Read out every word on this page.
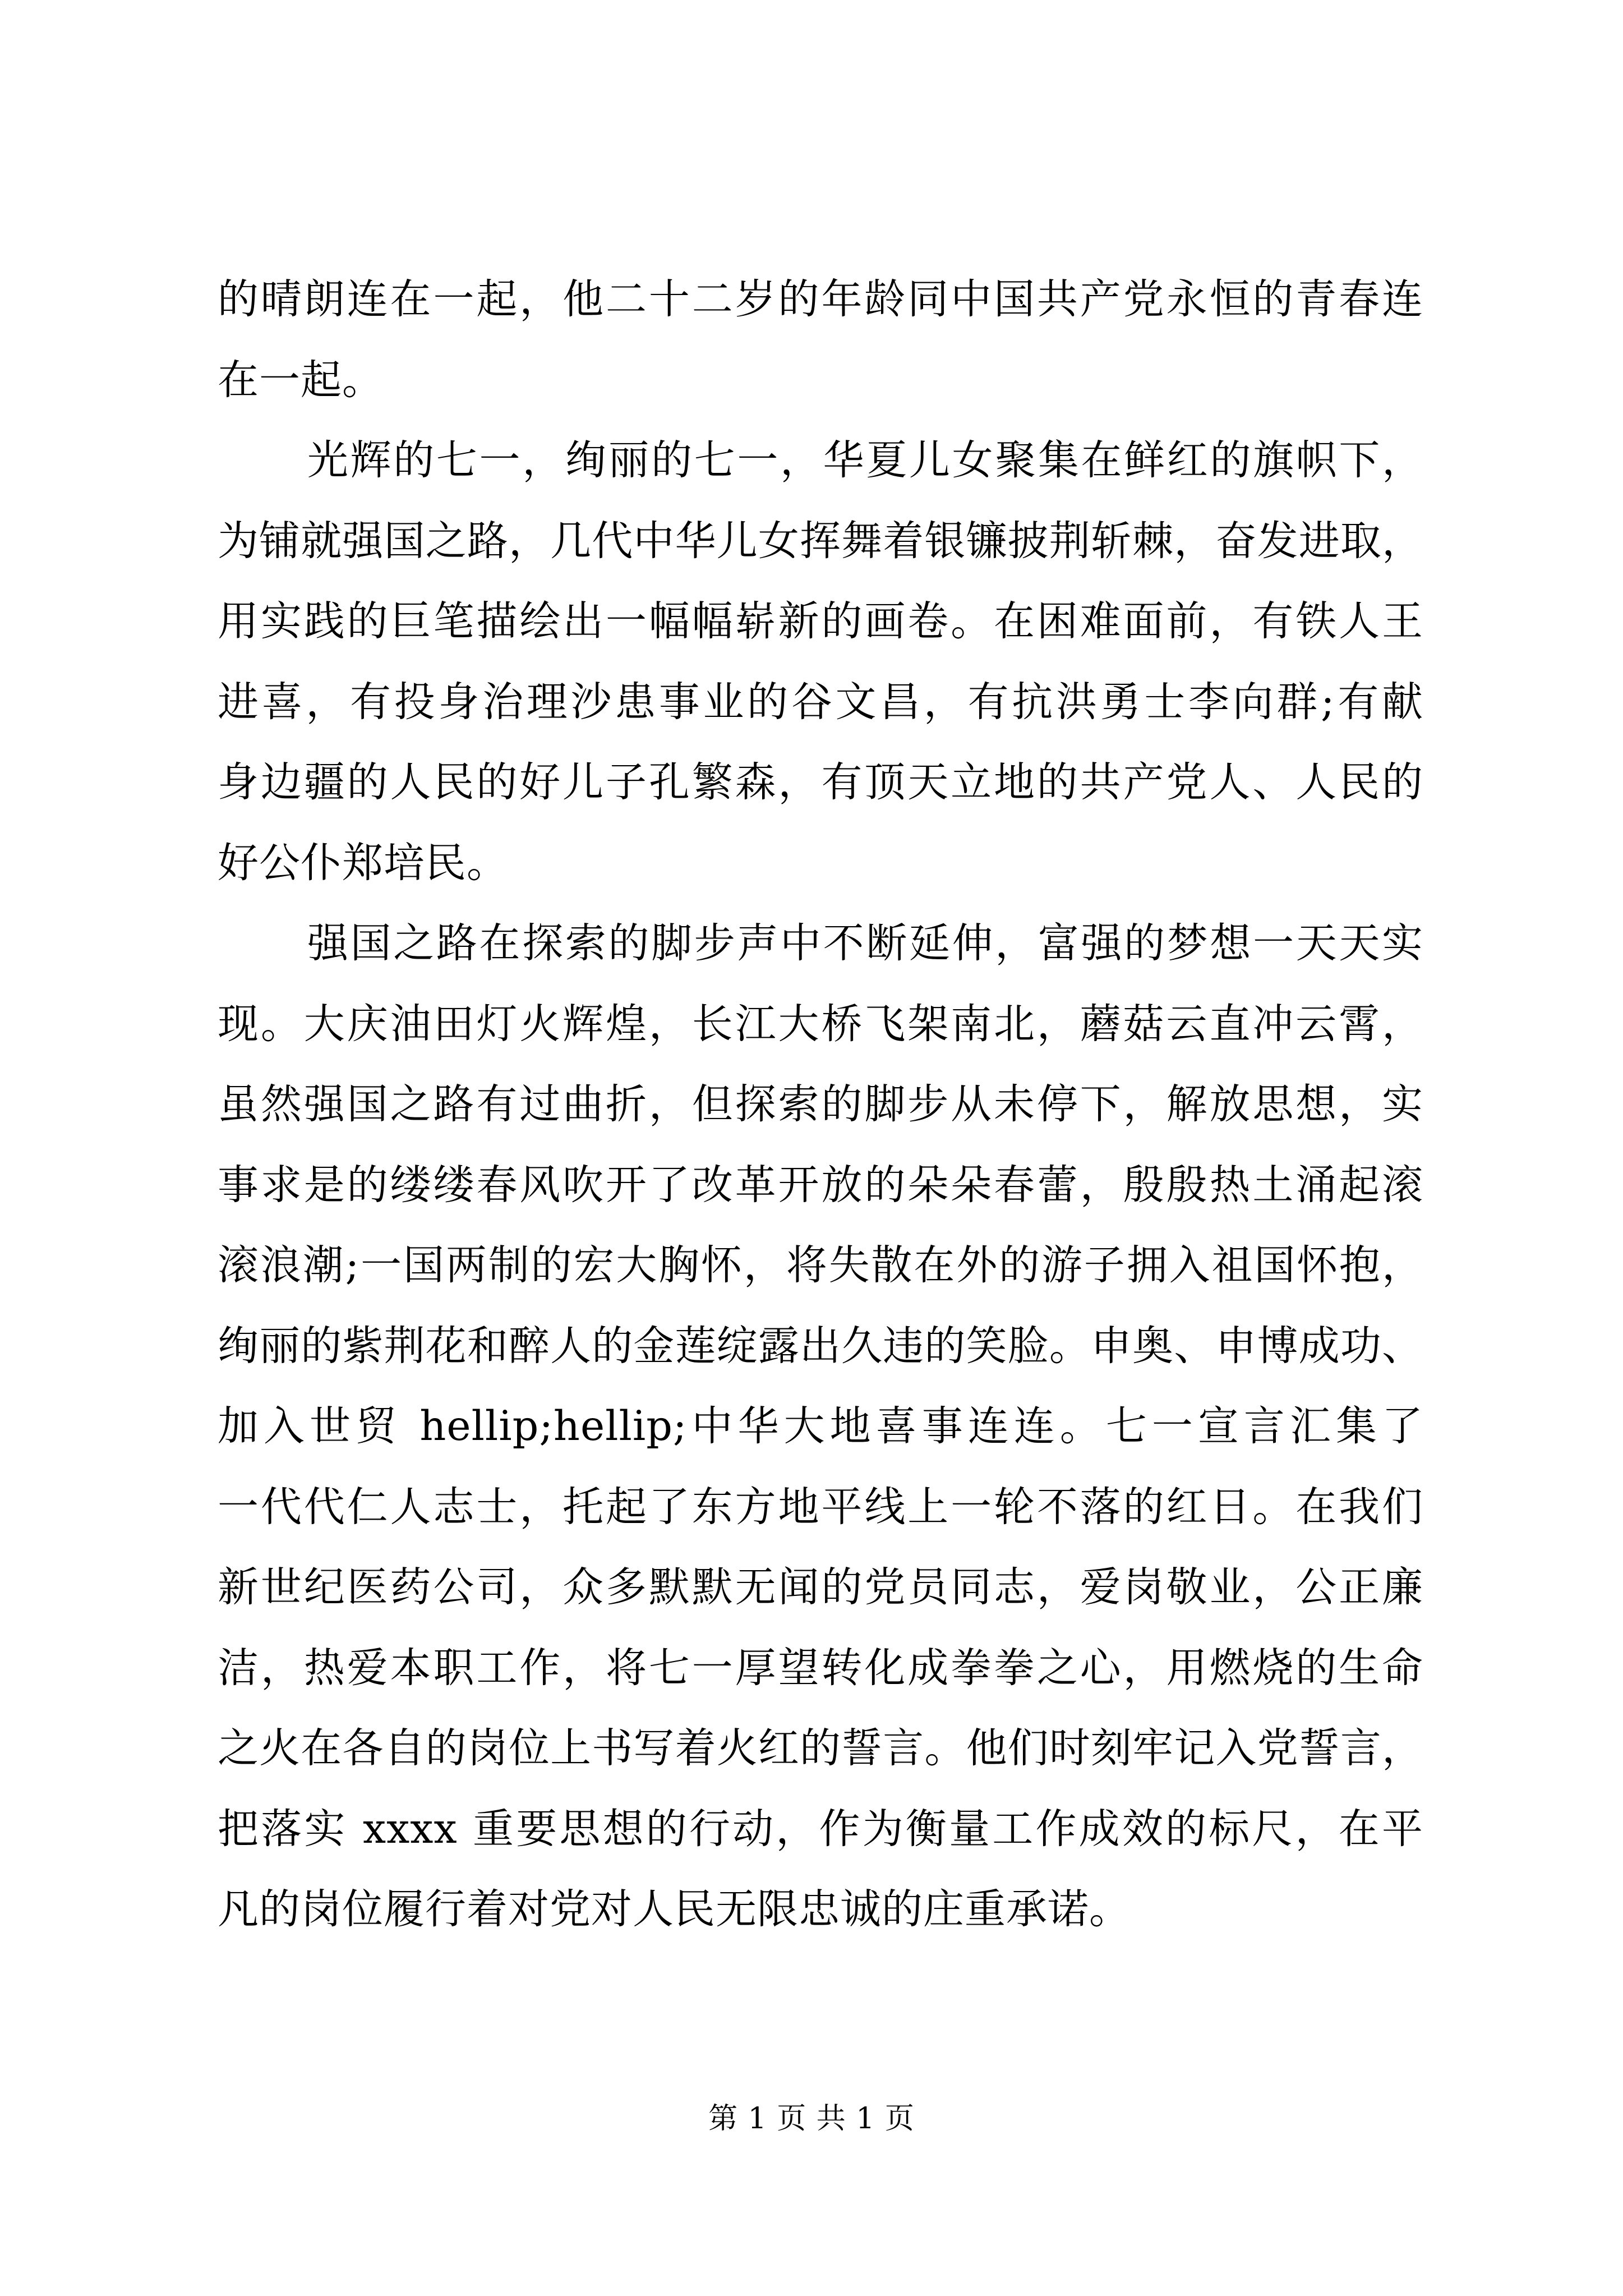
的晴朗连在一起，他二十二岁的年龄同中国共产党永恒的青春连
在一起。
光辉的七一，绚丽的七一，华夏儿女聚集在鲜红的旗帜下，
为铺就强国之路，几代中华儿女挥舞着银镰披荆斩棘，奋发进取，
用实践的巨笔描绘出一幅幅崭新的画卷。在困难面前，有铁人王
进喜，有投身治理沙患事业的谷文昌，有抗洪勇士李向群;有献
身边疆的人民的好儿子孔繁森，有顶天立地的共产党人、人民的
好公仆郑培民。
强国之路在探索的脚步声中不断延伸，富强的梦想一天天实
现。大庆油田灯火辉煌，长江大桥飞架南北，蘑菇云直冲云霄，
虽然强国之路有过曲折，但探索的脚步从未停下，解放思想，实
事求是的缕缕春风吹开了改革开放的朵朵春蕾，殷殷热土涌起滚
滚浪潮;一国两制的宏大胸怀，将失散在外的游子拥入祖国怀抱，
绚丽的紫荆花和醉人的金莲绽露出久违的笑脸。申奥、申博成功、
加入世贸 hellip;hellip;中华大地喜事连连。七一宣言汇集了
一代代仁人志士，托起了东方地平线上一轮不落的红日。在我们
新世纪医药公司，众多默默无闻的党员同志，爱岗敬业，公正廉
洁，热爱本职工作，将七一厚望转化成拳拳之心，用燃烧的生命
之火在各自的岗位上书写着火红的誓言。他们时刻牢记入党誓言，
把落实 xxxx 重要思想的行动，作为衡量工作成效的标尺，在平
凡的岗位履行着对党对人民无限忠诚的庄重承诺。
第 1 页 共 1 页
